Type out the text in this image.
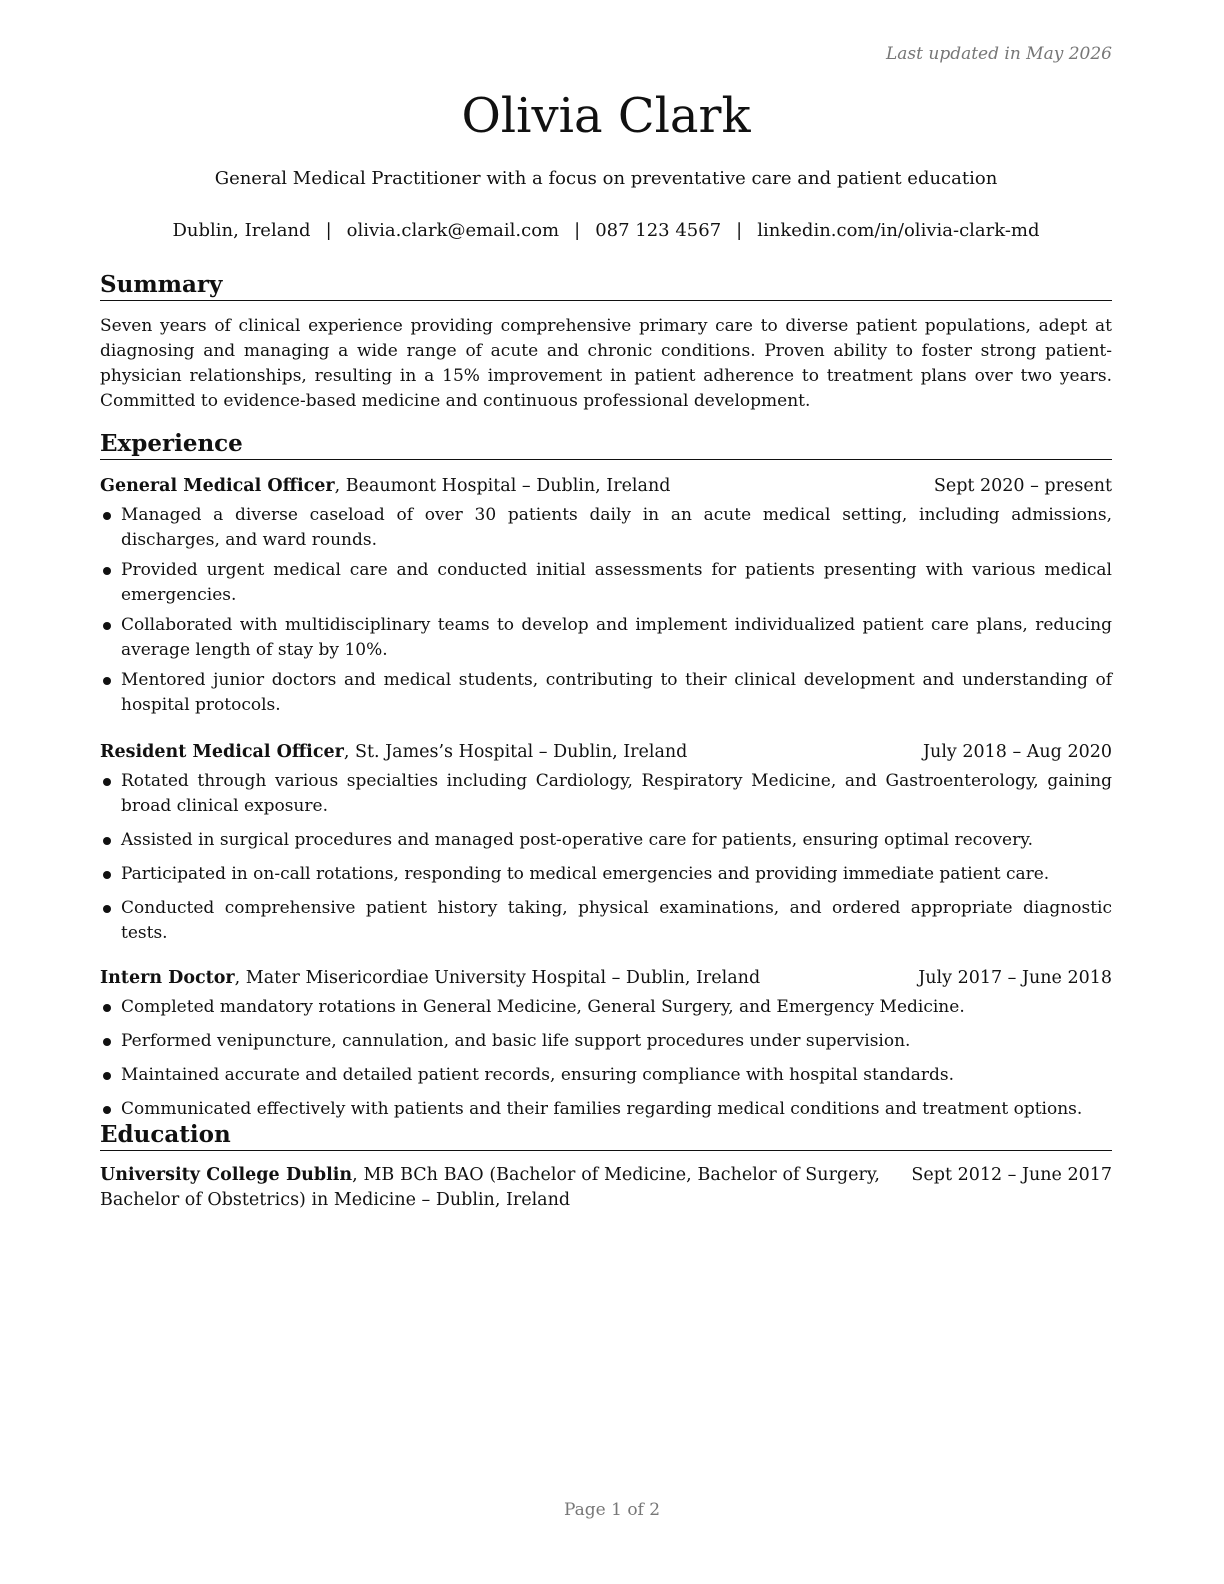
Last updated in May 2026
Olivia Clark
General Medical Practitioner with a focus on preventative care and patient education
Dublin, Ireland | olivia.clark@email.com | 087 123 4567 | linkedin.com/in/olivia-clark-md
Summary
Seven years of clinical experience providing comprehensive primary care to diverse patient populations, adept at diagnosing and managing a wide range of acute and chronic conditions. Proven ability to foster strong patient-physician relationships, resulting in a 15% improvement in patient adherence to treatment plans over two years. Committed to evidence-based medicine and continuous professional development.
Experience
General Medical Officer, Beaumont Hospital – Dublin, Ireland	Sept 2020 – present
Managed a diverse caseload of over 30 patients daily in an acute medical setting, including admissions, discharges, and ward rounds.
Provided urgent medical care and conducted initial assessments for patients presenting with various medical emergencies.
Collaborated with multidisciplinary teams to develop and implement individualized patient care plans, reducing average length of stay by 10%.
Mentored junior doctors and medical students, contributing to their clinical development and understanding of hospital protocols.
Resident Medical Officer, St. James’s Hospital – Dublin, Ireland	July 2018 – Aug 2020
Rotated through various specialties including Cardiology, Respiratory Medicine, and Gastroenterology, gaining broad clinical exposure.
Assisted in surgical procedures and managed post-operative care for patients, ensuring optimal recovery.
Participated in on-call rotations, responding to medical emergencies and providing immediate patient care.
Conducted comprehensive patient history taking, physical examinations, and ordered appropriate diagnostic tests.
Intern Doctor, Mater Misericordiae University Hospital – Dublin, Ireland	July 2017 – June 2018
Completed mandatory rotations in General Medicine, General Surgery, and Emergency Medicine.
Performed venipuncture, cannulation, and basic life support procedures under supervision.
Maintained accurate and detailed patient records, ensuring compliance with hospital standards.
Communicated effectively with patients and their families regarding medical conditions and treatment options.
Education
University College Dublin, MB BCh BAO (Bachelor of Medicine, Bachelor of Surgery, Bachelor of Obstetrics) in Medicine – Dublin, Ireland
Sept 2012 – June 2017
Page 1 of 2
